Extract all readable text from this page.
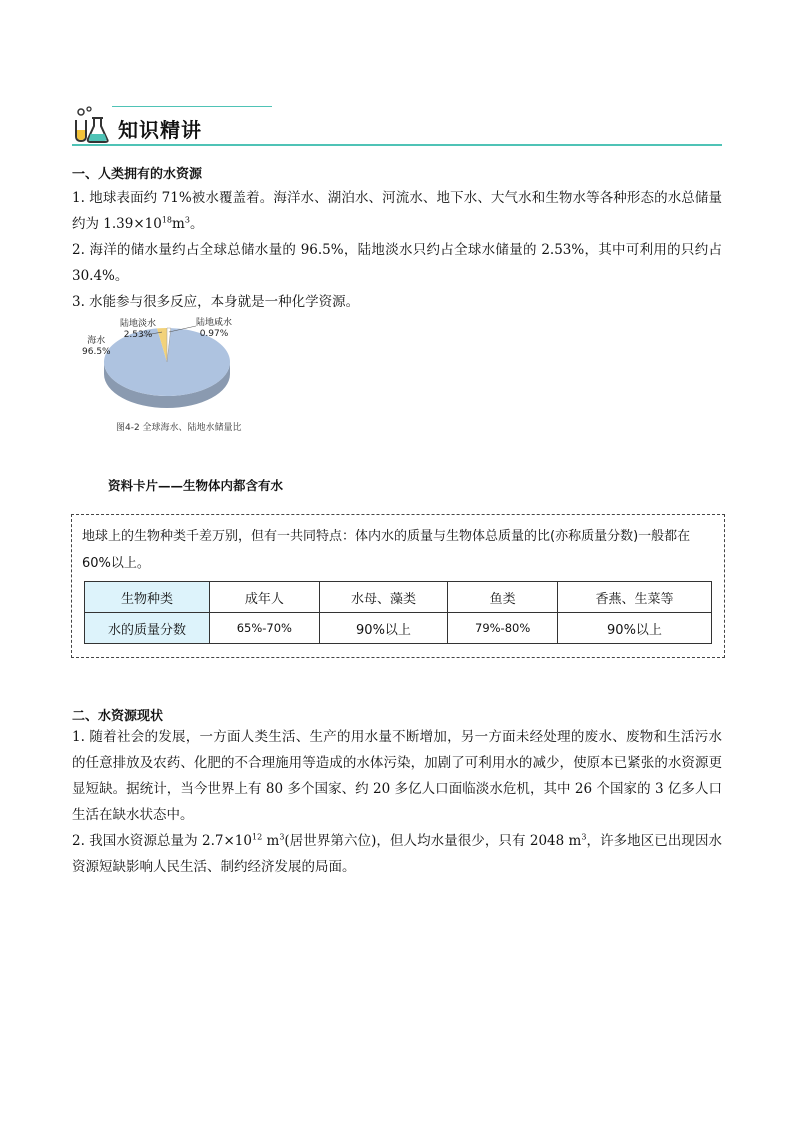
知识精讲
一、人类拥有的水资源
1. 地球表面约 71%被水覆盖着。海洋水、湖泊水、河流水、地下水、大气水和生物水等各种形态的水总储量约为 $1.39\times 10^{18}m^3$。
2. 海洋的储水量约占全球总储水量的 96.5%，陆地淡水只约占全球水储量的 2.53%，其中可利用的只约占 30.4%。
3. 水能参与很多反应，本身就是一种化学资源。
海水
96.5%
陆地淡水
2.53%
陆地咸水
0.97%
图4-2 全球海水、陆地水储量比
资料卡片——生物体内都含有水
地球上的生物种类千差万别，但有一共同特点：体内水的质量与生物体总质量的比(亦称质量分数)一般都在 60%以上。
生物种类	成年人	水母、藻类	鱼类	香燕、生菜等
水的质量分数	65%-70%	90%以上	79%-80%	90%以上
二、水资源现状
1. 随着社会的发展，一方面人类生活、生产的用水量不断增加，另一方面未经处理的废水、废物和生活污水的任意排放及农药、化肥的不合理施用等造成的水体污染，加剧了可利用水的减少，使原本已紧张的水资源更显短缺。据统计，当今世界上有 80 多个国家、约 20 多亿人口面临淡水危机，其中 26 个国家的 3 亿多人口生活在缺水状态中。
2. 我国水资源总量为 $2.7\times 10^{12}$ $m^3$(居世界第六位)，但人均水量很少，只有 2048 $m^3$，许多地区已出现因水资源短缺影响人民生活、制约经济发展的局面。
